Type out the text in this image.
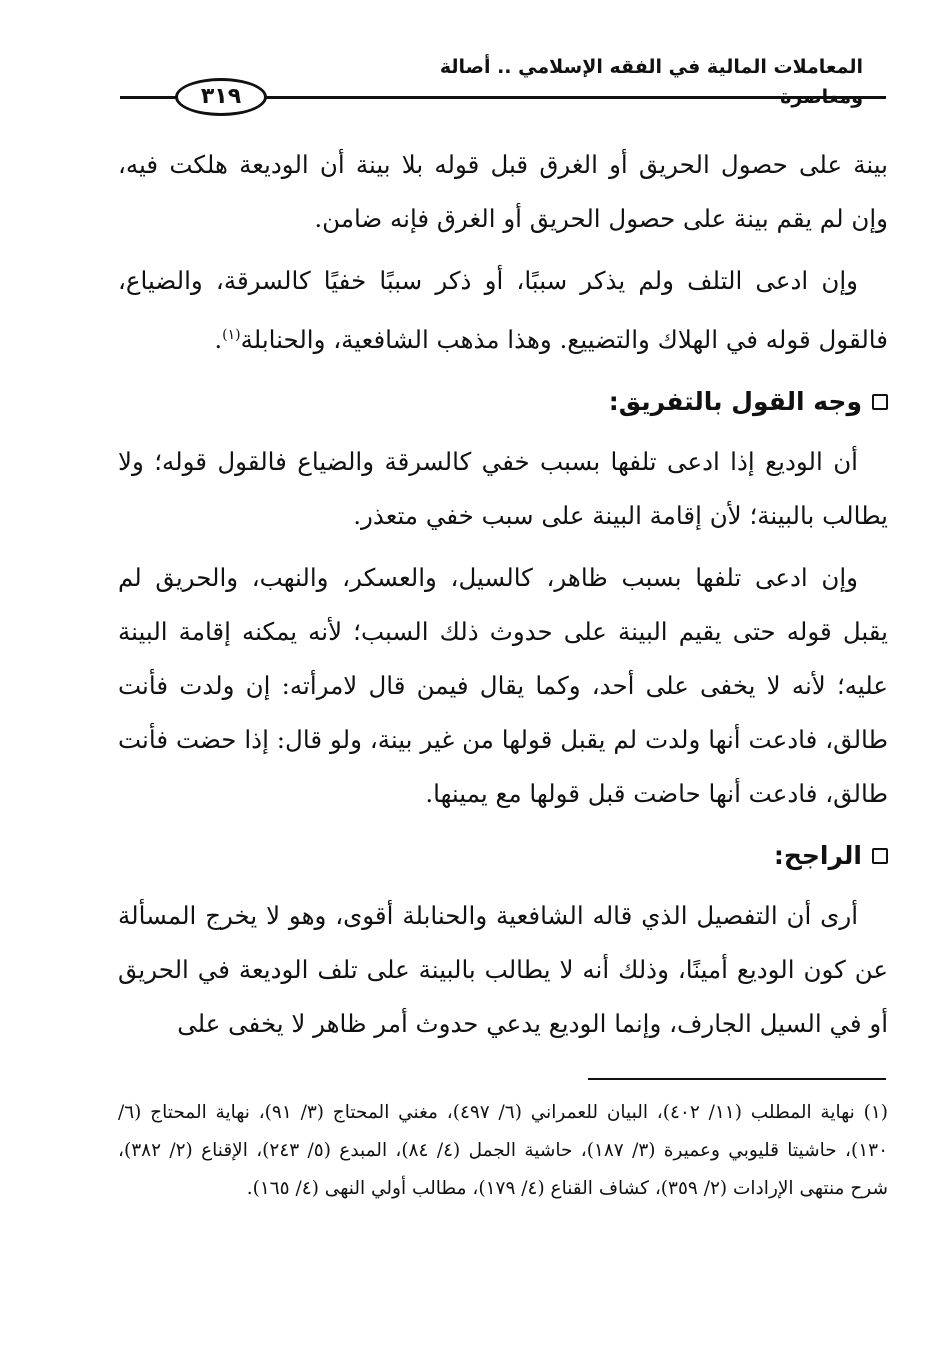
المعاملات المالية في الفقه الإسلامي .. أصالة ومعاصرة
٣١٩

بينة على حصول الحريق أو الغرق قبل قوله بلا بينة أن الوديعة هلكت فيه، وإن لم يقم بينة على حصول الحريق أو الغرق فإنه ضامن.

وإن ادعى التلف ولم يذكر سببًا، أو ذكر سببًا خفيًا كالسرقة، والضياع، فالقول قوله في الهلاك والتضييع. وهذا مذهب الشافعية، والحنابلة$^{(١)}$.

وجه القول بالتفريق:

أن الوديع إذا ادعى تلفها بسبب خفي كالسرقة والضياع فالقول قوله؛ ولا يطالب بالبينة؛ لأن إقامة البينة على سبب خفي متعذر.

وإن ادعى تلفها بسبب ظاهر، كالسيل، والعسكر، والنهب، والحريق لم يقبل قوله حتى يقيم البينة على حدوث ذلك السبب؛ لأنه يمكنه إقامة البينة عليه؛ لأنه لا يخفى على أحد، وكما يقال فيمن قال لامرأته: إن ولدت فأنت طالق، فادعت أنها ولدت لم يقبل قولها من غير بينة، ولو قال: إذا حضت فأنت طالق، فادعت أنها حاضت قبل قولها مع يمينها.

الراجح:

أرى أن التفصيل الذي قاله الشافعية والحنابلة أقوى، وهو لا يخرج المسألة عن كون الوديع أمينًا، وذلك أنه لا يطالب بالبينة على تلف الوديعة في الحريق أو في السيل الجارف، وإنما الوديع يدعي حدوث أمر ظاهر لا يخفى على

(١) نهاية المطلب (١١/ ٤٠٢)، البيان للعمراني (٦/ ٤٩٧)، مغني المحتاج (٣/ ٩١)، نهاية المحتاج (٦/ ١٣٠)، حاشيتا قليوبي وعميرة (٣/ ١٨٧)، حاشية الجمل (٤/ ٨٤)، المبدع (٥/ ٢٤٣)، الإقناع (٢/ ٣٨٢)، شرح منتهى الإرادات (٢/ ٣٥٩)، كشاف القناع (٤/ ١٧٩)، مطالب أولي النهى (٤/ ١٦٥).
